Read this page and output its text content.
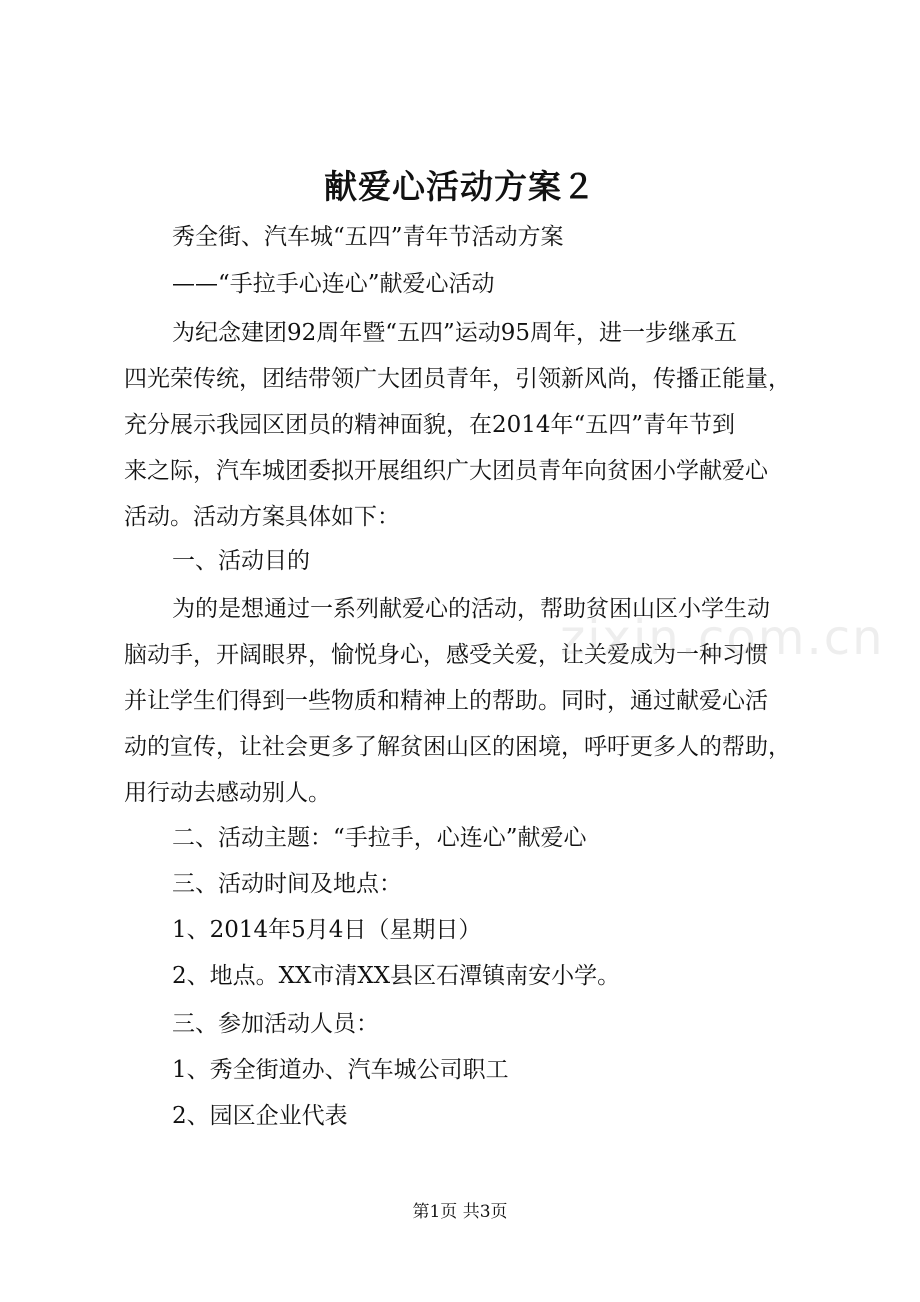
献爱心活动方案２
秀全街、汽车城“五四”青年节活动方案
——“手拉手心连心”献爱心活动
为纪念建团92周年暨“五四”运动95周年，进一步继承五
四光荣传统，团结带领广大团员青年，引领新风尚，传播正能量，
充分展示我园区团员的精神面貌，在2014年“五四”青年节到
来之际，汽车城团委拟开展组织广大团员青年向贫困小学献爱心
活动。活动方案具体如下：
一、活动目的
为的是想通过一系列献爱心的活动，帮助贫困山区小学生动
脑动手，开阔眼界，愉悦身心，感受关爱，让关爱成为一种习惯
并让学生们得到一些物质和精神上的帮助。同时，通过献爱心活
动的宣传，让社会更多了解贫困山区的困境，呼吁更多人的帮助，
用行动去感动别人。
二、活动主题：“手拉手，心连心”献爱心
三、活动时间及地点：
1、2014年5月4日（星期日）
2、地点。XX市清XX县区石潭镇南安小学。
三、参加活动人员：
1、秀全街道办、汽车城公司职工
2、园区企业代表
zixin.com.cn
第1页 共3页
